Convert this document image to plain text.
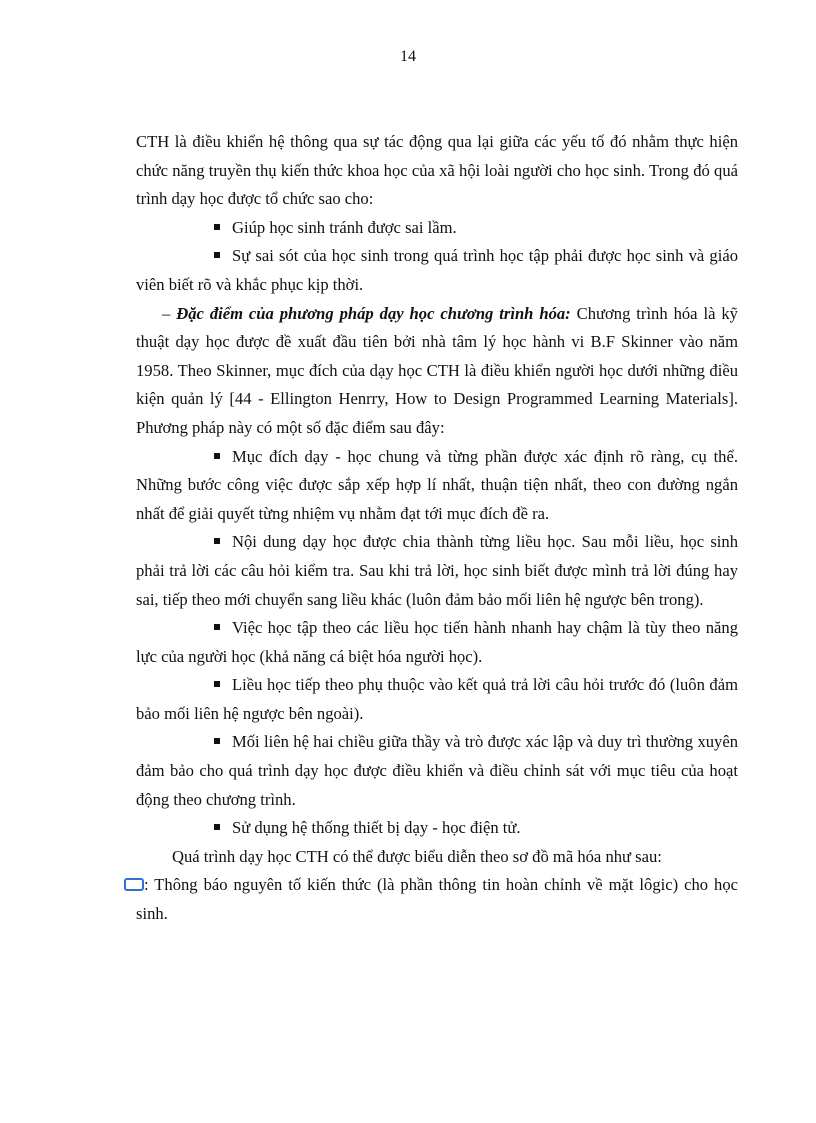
14

CTH là điều khiển hệ thông qua sự tác động qua lại giữa các yếu tố đó nhằm thực hiện chức năng truyền thụ kiến thức khoa học của xã hội loài người cho học sinh. Trong đó quá trình dạy học được tổ chức sao cho:

Giúp học sinh tránh được sai lầm.

Sự sai sót của học sinh trong quá trình học tập phải được học sinh và giáo viên biết rõ và khắc phục kịp thời.

– Đặc điểm của phương pháp dạy học chương trình hóa: Chương trình hóa là kỹ thuật dạy học được đề xuất đầu tiên bởi nhà tâm lý học hành vi B.F Skinner vào năm 1958. Theo Skinner, mục đích của dạy học CTH là điều khiển người học dưới những điều kiện quản lý [44 - Ellington Henrry, How to Design Programmed Learning Materials]. Phương pháp này có một số đặc điểm sau đây:

Mục đích dạy - học chung và từng phần được xác định rõ ràng, cụ thể. Những bước công việc được sắp xếp hợp lí nhất, thuận tiện nhất, theo con đường ngắn nhất để giải quyết từng nhiệm vụ nhằm đạt tới mục đích đề ra.

Nội dung dạy học được chia thành từng liều học. Sau mỗi liều, học sinh phải trả lời các câu hỏi kiểm tra. Sau khi trả lời, học sinh biết được mình trả lời đúng hay sai, tiếp theo mới chuyển sang liều khác (luôn đảm bảo mối liên hệ ngược bên trong).

Việc học tập theo các liều học tiến hành nhanh hay chậm là tùy theo năng lực của người học (khả năng cá biệt hóa người học).

Liều học tiếp theo phụ thuộc vào kết quả trả lời câu hỏi trước đó (luôn đảm bảo mối liên hệ ngược bên ngoài).

Mối liên hệ hai chiều giữa thầy và trò được xác lập và duy trì thường xuyên đảm bảo cho quá trình dạy học được điều khiển và điều chỉnh sát với mục tiêu của hoạt động theo chương trình.

Sử dụng hệ thống thiết bị dạy - học điện tử.

Quá trình dạy học CTH có thể được biểu diễn theo sơ đồ mã hóa như sau:

: Thông báo nguyên tố kiến thức (là phần thông tin hoàn chỉnh về mặt lôgic) cho học sinh.
